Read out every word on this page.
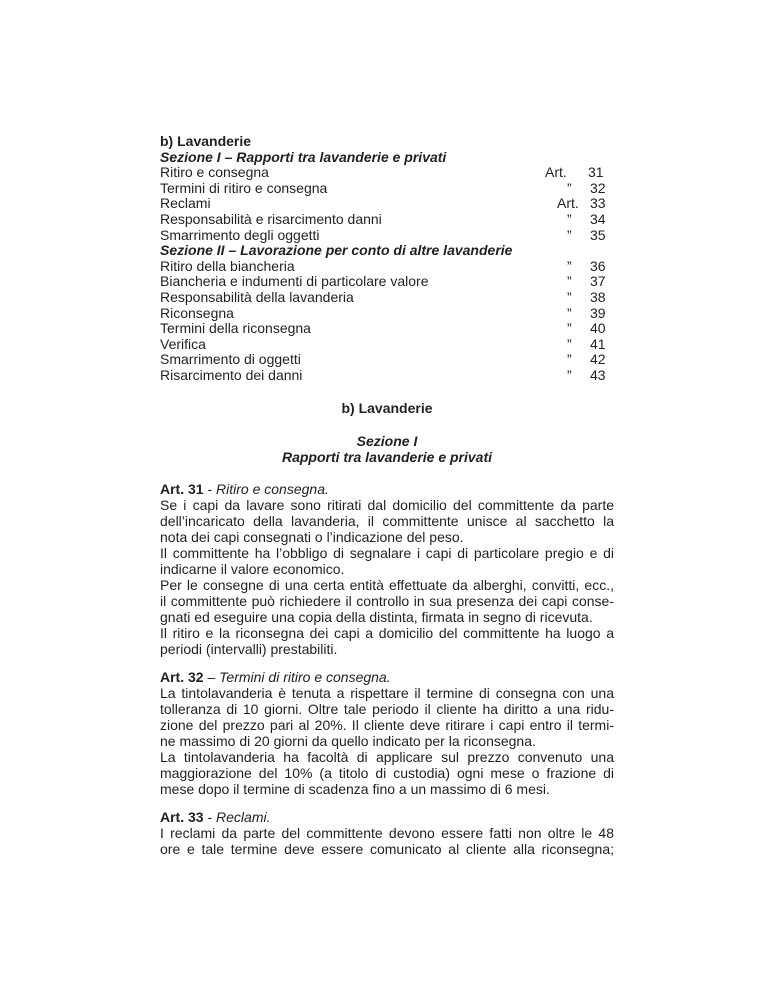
b) Lavanderie
Sezione I – Rapporti tra lavanderie e privati
Ritiro e consegna	Art. 31
Termini di ritiro e consegna	” 32
Reclami	Art. 33
Responsabilità e risarcimento danni	” 34
Smarrimento degli oggetti	” 35
Sezione II – Lavorazione per conto di altre lavanderie
Ritiro della biancheria	” 36
Biancheria e indumenti di particolare valore	” 37
Responsabilità della lavanderia	” 38
Riconsegna	” 39
Termini della riconsegna	” 40
Verifica	” 41
Smarrimento di oggetti	” 42
Risarcimento dei danni	” 43
b) Lavanderie
Sezione I
Rapporti tra lavanderie e privati
Art. 31 - Ritiro e consegna.
Se i capi da lavare sono ritirati dal domicilio del committente da parte
dell’incaricato della lavanderia, il committente unisce al sacchetto la
nota dei capi consegnati o l’indicazione del peso.
Il committente ha l’obbligo di segnalare i capi di particolare pregio e di
indicarne il valore economico.
Per le consegne di una certa entità effettuate da alberghi, convitti, ecc.,
il committente può richiedere il controllo in sua presenza dei capi conse-
gnati ed eseguire una copia della distinta, firmata in segno di ricevuta.
Il ritiro e la riconsegna dei capi a domicilio del committente ha luogo a
periodi (intervalli) prestabiliti.
Art. 32 – Termini di ritiro e consegna.
La tintolavanderia è tenuta a rispettare il termine di consegna con una
tolleranza di 10 giorni. Oltre tale periodo il cliente ha diritto a una ridu-
zione del prezzo pari al 20%. Il cliente deve ritirare i capi entro il termi-
ne massimo di 20 giorni da quello indicato per la riconsegna.
La tintolavanderia ha facoltà di applicare sul prezzo convenuto una
maggiorazione del 10% (a titolo di custodia) ogni mese o frazione di
mese dopo il termine di scadenza fino a un massimo di 6 mesi.
Art. 33 - Reclami.
I reclami da parte del committente devono essere fatti non oltre le 48
ore e tale termine deve essere comunicato al cliente alla riconsegna;
